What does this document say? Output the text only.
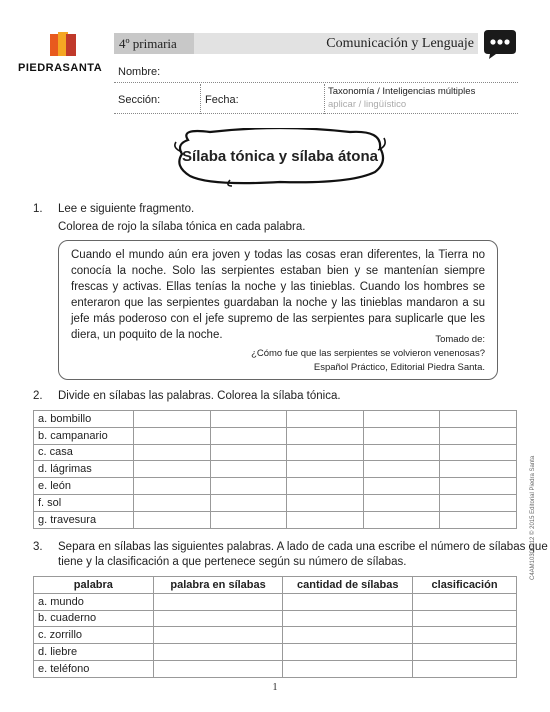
PIEDRASANTA
4º primaria	Comunicación y Lenguaje
Nombre:
Sección:	Fecha:
Taxonomía / Inteligencias múltiples
aplicar / lingüístico
Sílaba tónica y sílaba átona
1. Lee e siguiente fragmento.
Colorea de rojo la sílaba tónica en cada palabra.
Cuando el mundo aún era joven y todas las cosas eran diferentes, la Tierra no conocía la noche. Solo las serpientes estaban bien y se mantenían siempre frescas y activas. Ellas tenías la noche y las tinieblas. Cuando los hombres se enteraron que las serpientes guardaban la noche y las tinieblas mandaron a su jefe más poderoso con el jefe supremo de las serpientes para suplicarle que les diera, un poquito de la noche.	Tomado de:
¿Cómo fue que las serpientes se volvieron venenosas?
Español Práctico, Editorial Piedra Santa.
2. Divide en sílabas las palabras. Colorea la sílaba tónica.
a. bombillo					
b. campanario					
c. casa					
d. lágrimas					
e. león					
f. sol					
g. travesura					
3. Separa en sílabas las siguientes palabras. A lado de cada una escribe el número de sílabas que
tiene y la clasificación a que pertenece según su número de sílabas.
palabra	palabra en sílabas	cantidad de sílabas	clasificación
a. mundo			
b. cuaderno			
c. zorrillo			
d. liebre			
e. teléfono			
C4AM10301012 © 2015 Editorial Piedra Santa
1
